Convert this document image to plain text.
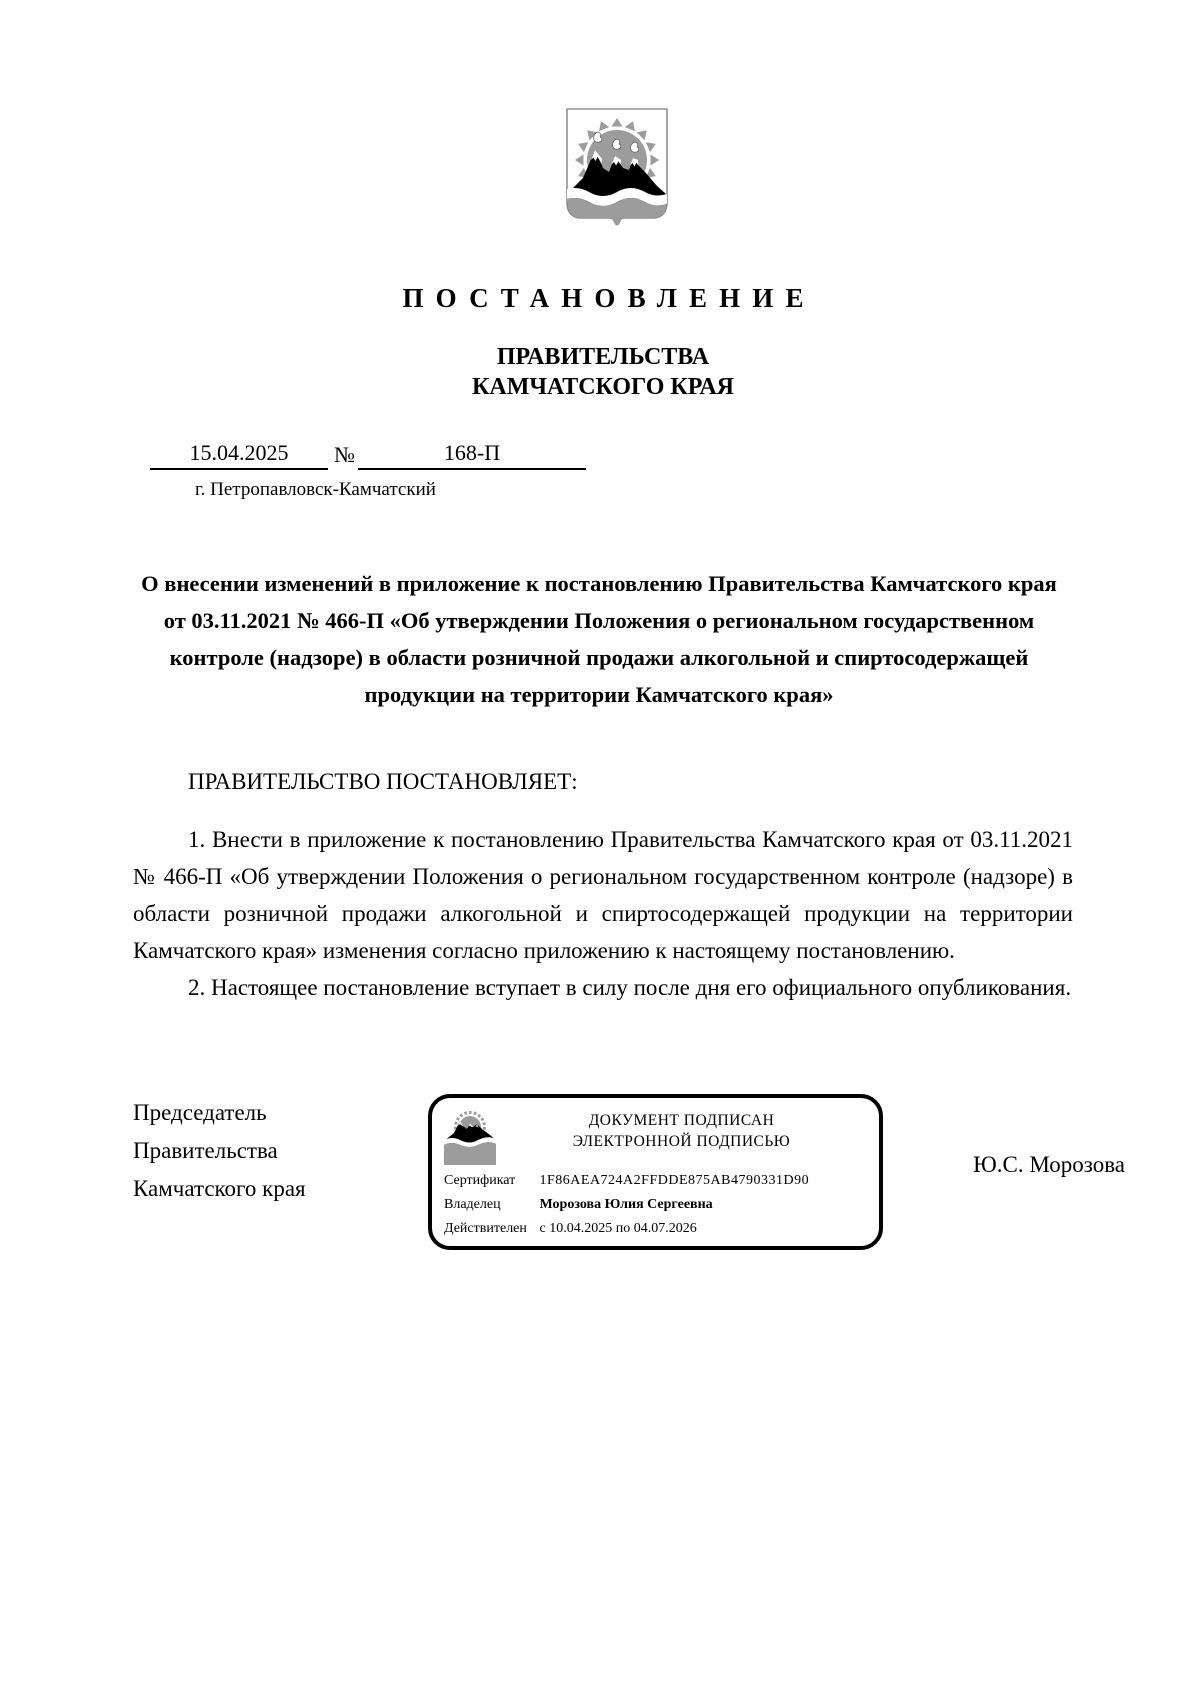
ПОСТАНОВЛЕНИЕ
ПРАВИТЕЛЬСТВА
КАМЧАТСКОГО КРАЯ
15.04.2025	№	168-П
г. Петропавловск-Камчатский
О внесении изменений в приложение к постановлению Правительства Камчатского края от 03.11.2021 № 466-П «Об утверждении Положения о региональном государственном контроле (надзоре) в области розничной продажи алкогольной и спиртосодержащей продукции на территории Камчатского края»
ПРАВИТЕЛЬСТВО ПОСТАНОВЛЯЕТ:

1. Внести в приложение к постановлению Правительства Камчатского края от 03.11.2021 № 466-П «Об утверждении Положения о региональном государственном контроле (надзоре) в области розничной продажи алкогольной и спиртосодержащей продукции на территории Камчатского края» изменения согласно приложению к настоящему постановлению.

2. Настоящее постановление вступает в силу после дня его официального опубликования.

Председатель
Правительства
Камчатского края
ДОКУМЕНТ ПОДПИСАН
ЭЛЕКТРОННОЙ ПОДПИСЬЮ
Сертификат 1F86AEA724A2FFDDE875AB4790331D90
Владелец	Морозова Юлия Сергеевна
Действителен с 10.04.2025 по 04.07.2026
Ю.С. Морозова
